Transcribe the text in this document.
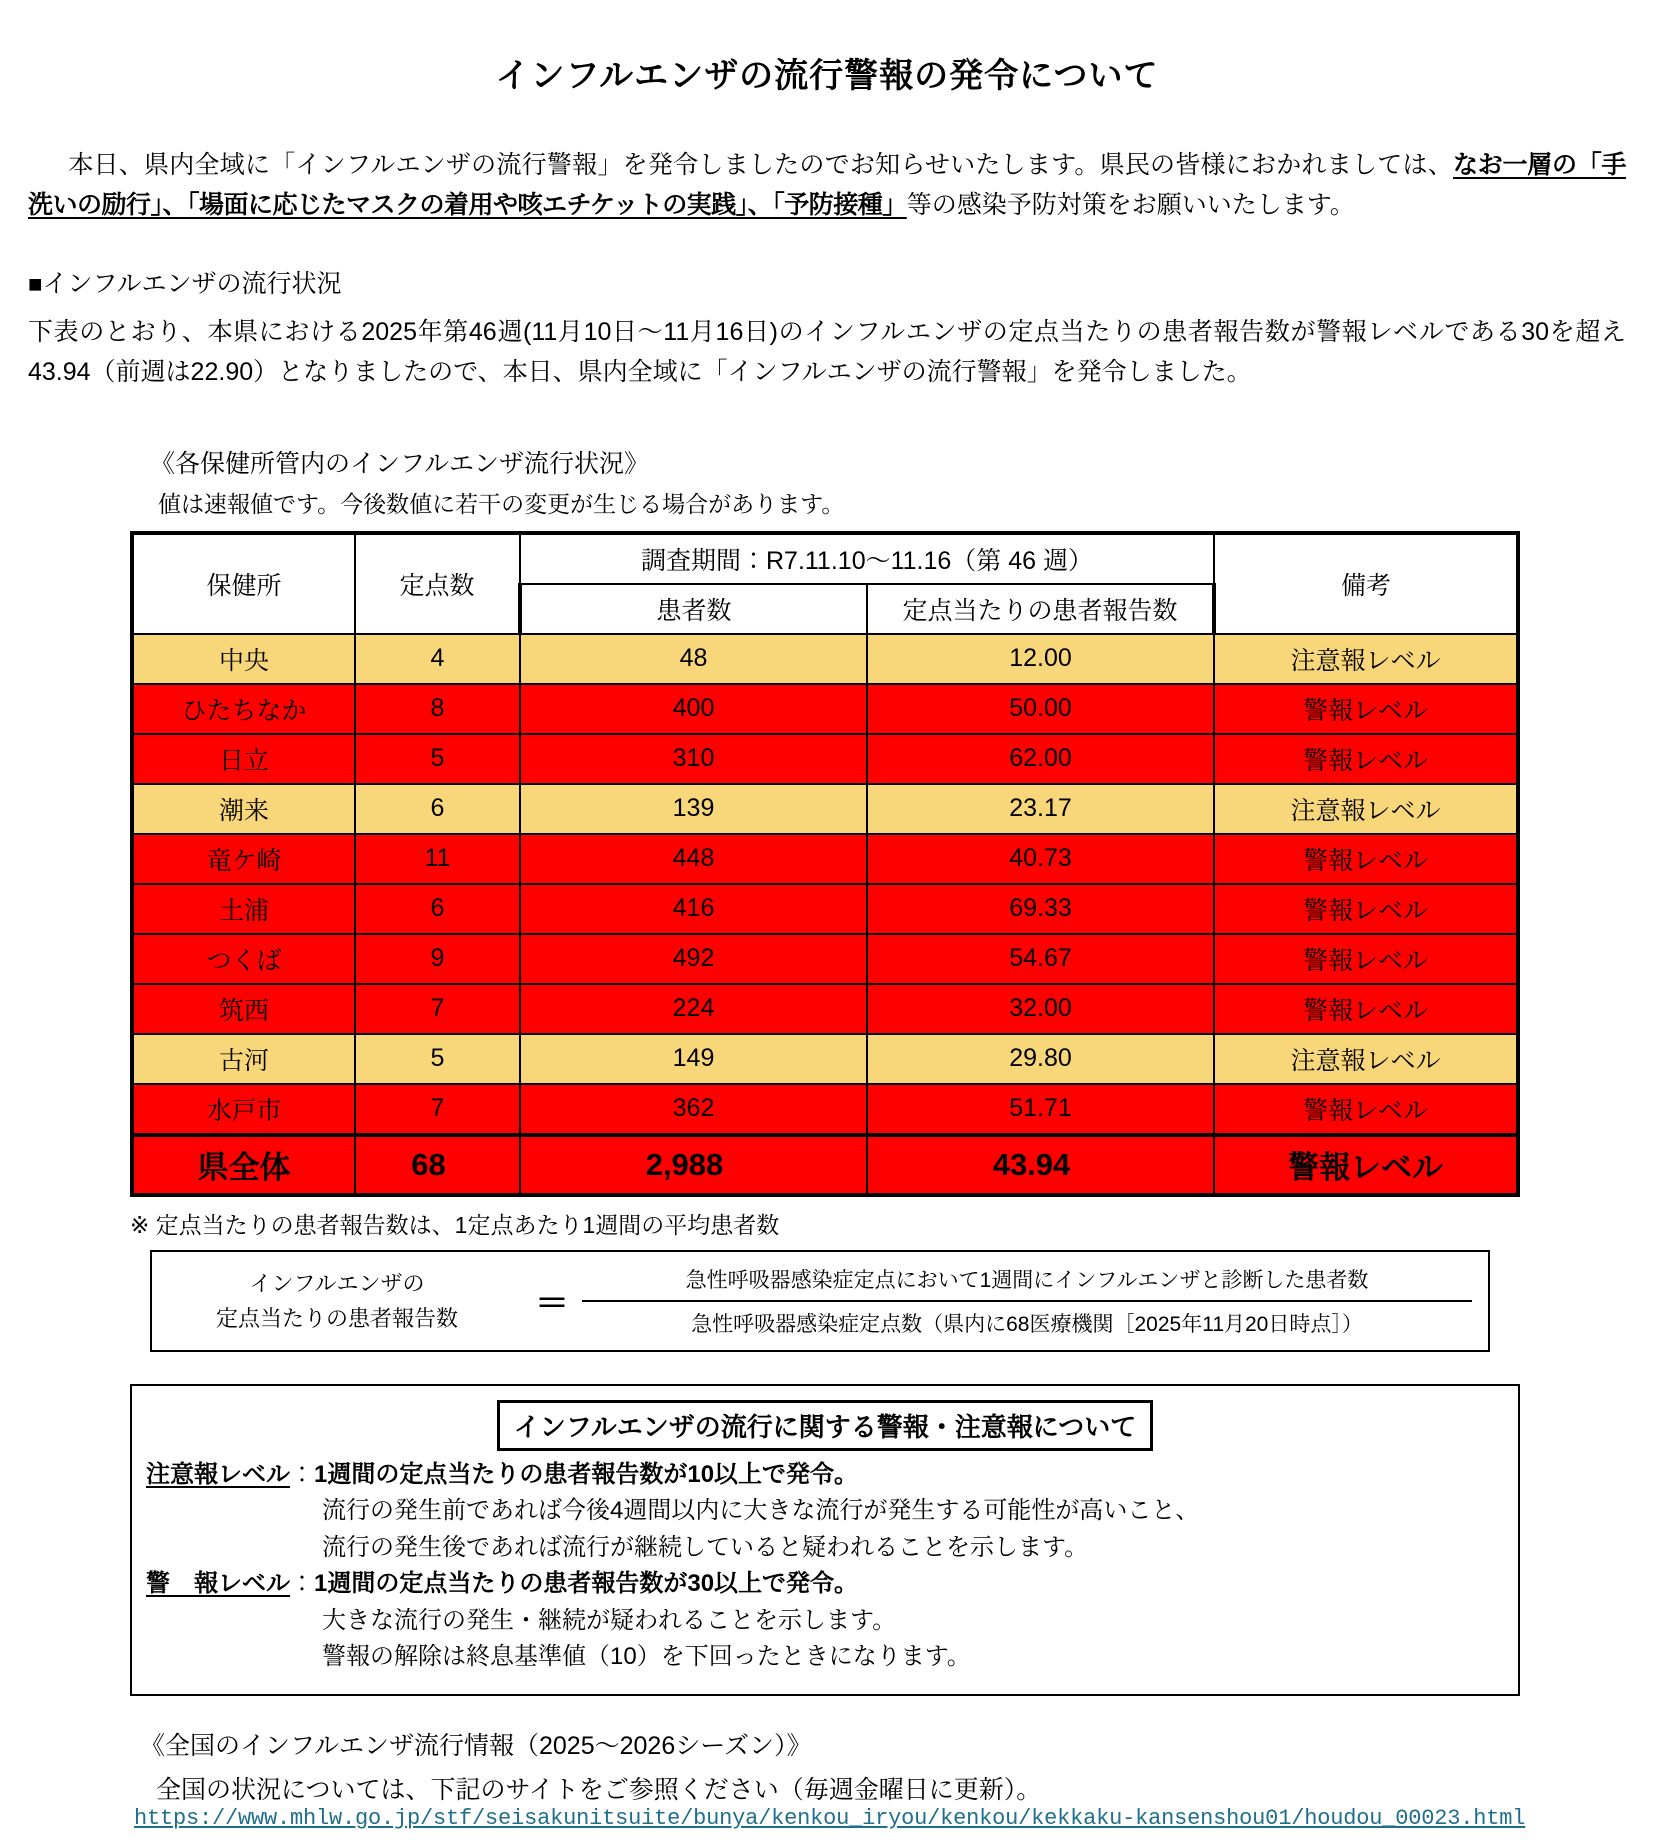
インフルエンザの流行警報の発令について

本日、県内全域に「インフルエンザの流行警報」を発令しましたのでお知らせいたします。県民の皆様におかれましては、なお一層の「手洗いの励行」、「場面に応じたマスクの着用や咳エチケットの実践」、「予防接種」等の感染予防対策をお願いいたします。

■インフルエンザの流行状況

下表のとおり、本県における2025年第46週(11月10日～11月16日)のインフルエンザの定点当たりの患者報告数が警報レベルである30を超え43.94（前週は22.90）となりましたので、本日、県内全域に「インフルエンザの流行警報」を発令しました。

《各保健所管内のインフルエンザ流行状況》
値は速報値です。今後数値に若干の変更が生じる場合があります。
保健所	定点数	調査期間：R7.11.10～11.16（第 46 週）		備考
		患者数	定点当たりの患者報告数	
中央	4	48	12.00	注意報レベル
ひたちなか	8	400	50.00	警報レベル
日立	5	310	62.00	警報レベル
潮来	6	139	23.17	注意報レベル
竜ケ崎	11	448	40.73	警報レベル
土浦	6	416	69.33	警報レベル
つくば	9	492	54.67	警報レベル
筑西	7	224	32.00	警報レベル
古河	5	149	29.80	注意報レベル
水戸市	7	362	51.71	警報レベル
県全体	68	2,988	43.94	警報レベル
※ 定点当たりの患者報告数は、1定点あたり1週間の平均患者数
インフルエンザの
定点当たりの患者報告数	＝ $\frac{\text{急性呼吸器感染症定点において1週間にインフルエンザと診断した患者数}}{\text{急性呼吸器感染症定点数（県内に68医療機関［2025年11月20日時点］）}}$
インフルエンザの流行に関する警報・注意報について
注意報レベル：1週間の定点当たりの患者報告数が10以上で発令。
流行の発生前であれば今後4週間以内に大きな流行が発生する可能性が高いこと、
流行の発生後であれば流行が継続していると疑われることを示します。
警　報レベル：1週間の定点当たりの患者報告数が30以上で発令。
大きな流行の発生・継続が疑われることを示します。
警報の解除は終息基準値（10）を下回ったときになります。
《全国のインフルエンザ流行情報（2025～2026シーズン）》
全国の状況については、下記のサイトをご参照ください（毎週金曜日に更新）。
https://www.mhlw.go.jp/stf/seisakunitsuite/bunya/kenkou_iryou/kenkou/kekkaku-kansenshou01/houdou_00023.html
